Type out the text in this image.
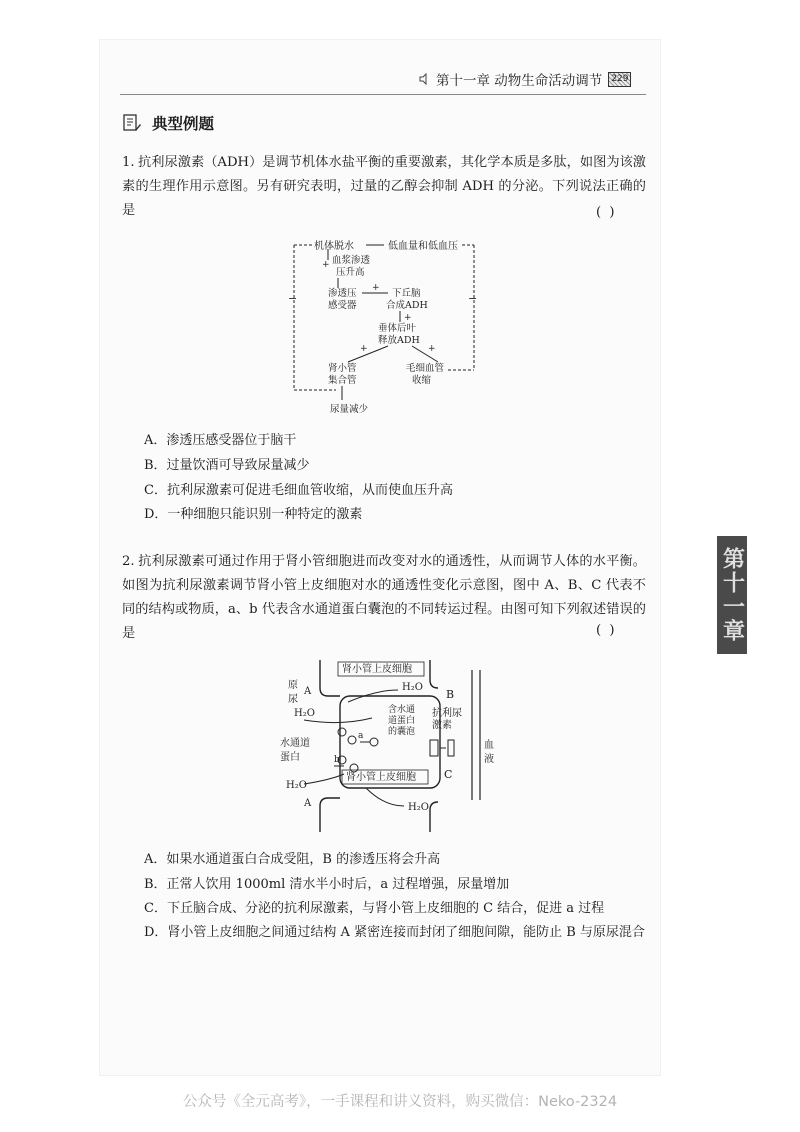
第十一章 动物生命活动调节	229
典型例题
1. 抗利尿激素（ADH）是调节机体水盐平衡的重要激素，其化学本质是多肽，如图为该激素的生理作用示意图。另有研究表明，过量的乙醇会抑制 ADH 的分泌。下列说法正确的是	( )
机体脱水	低血量和低血压
−	−
血浆渗透
压升高
+
渗透压
感受器
+ 下丘脑
合成ADH
+
垂体后叶
释放ADH
+	+
肾小管
集合管
毛细血管
收缩
尿量减少
A．渗透压感受器位于脑干
B．过量饮酒可导致尿量减少
C．抗利尿激素可促进毛细血管收缩，从而使血压升高
D．一种细胞只能识别一种特定的激素
2. 抗利尿激素可通过作用于肾小管细胞进而改变对水的通透性，从而调节人体的水平衡。如图为抗利尿激素调节肾小管上皮细胞对水的通透性变化示意图，图中 A、B、C 代表不同的结构或物质，a、b 代表含水通道蛋白囊泡的不同转运过程。由图可知下列叙述错误的是	( )
肾小管上皮细胞
原
尿
A	H₂O
B
H₂O	含水通
道蛋白
的囊泡
抗利尿
激素
a
b
水通道
蛋白
C
血
液
肾小管上皮细胞
H₂O
A	H₂O
A．如果水通道蛋白合成受阻，B 的渗透压将会升高
B．正常人饮用 1000ml 清水半小时后，a 过程增强，尿量增加
C．下丘脑合成、分泌的抗利尿激素，与肾小管上皮细胞的 C 结合，促进 a 过程
D．肾小管上皮细胞之间通过结构 A 紧密连接而封闭了细胞间隙，能防止 B 与原尿混合
第十一章
公众号《全元高考》，一手课程和讲义资料，购买微信：Neko-2324
